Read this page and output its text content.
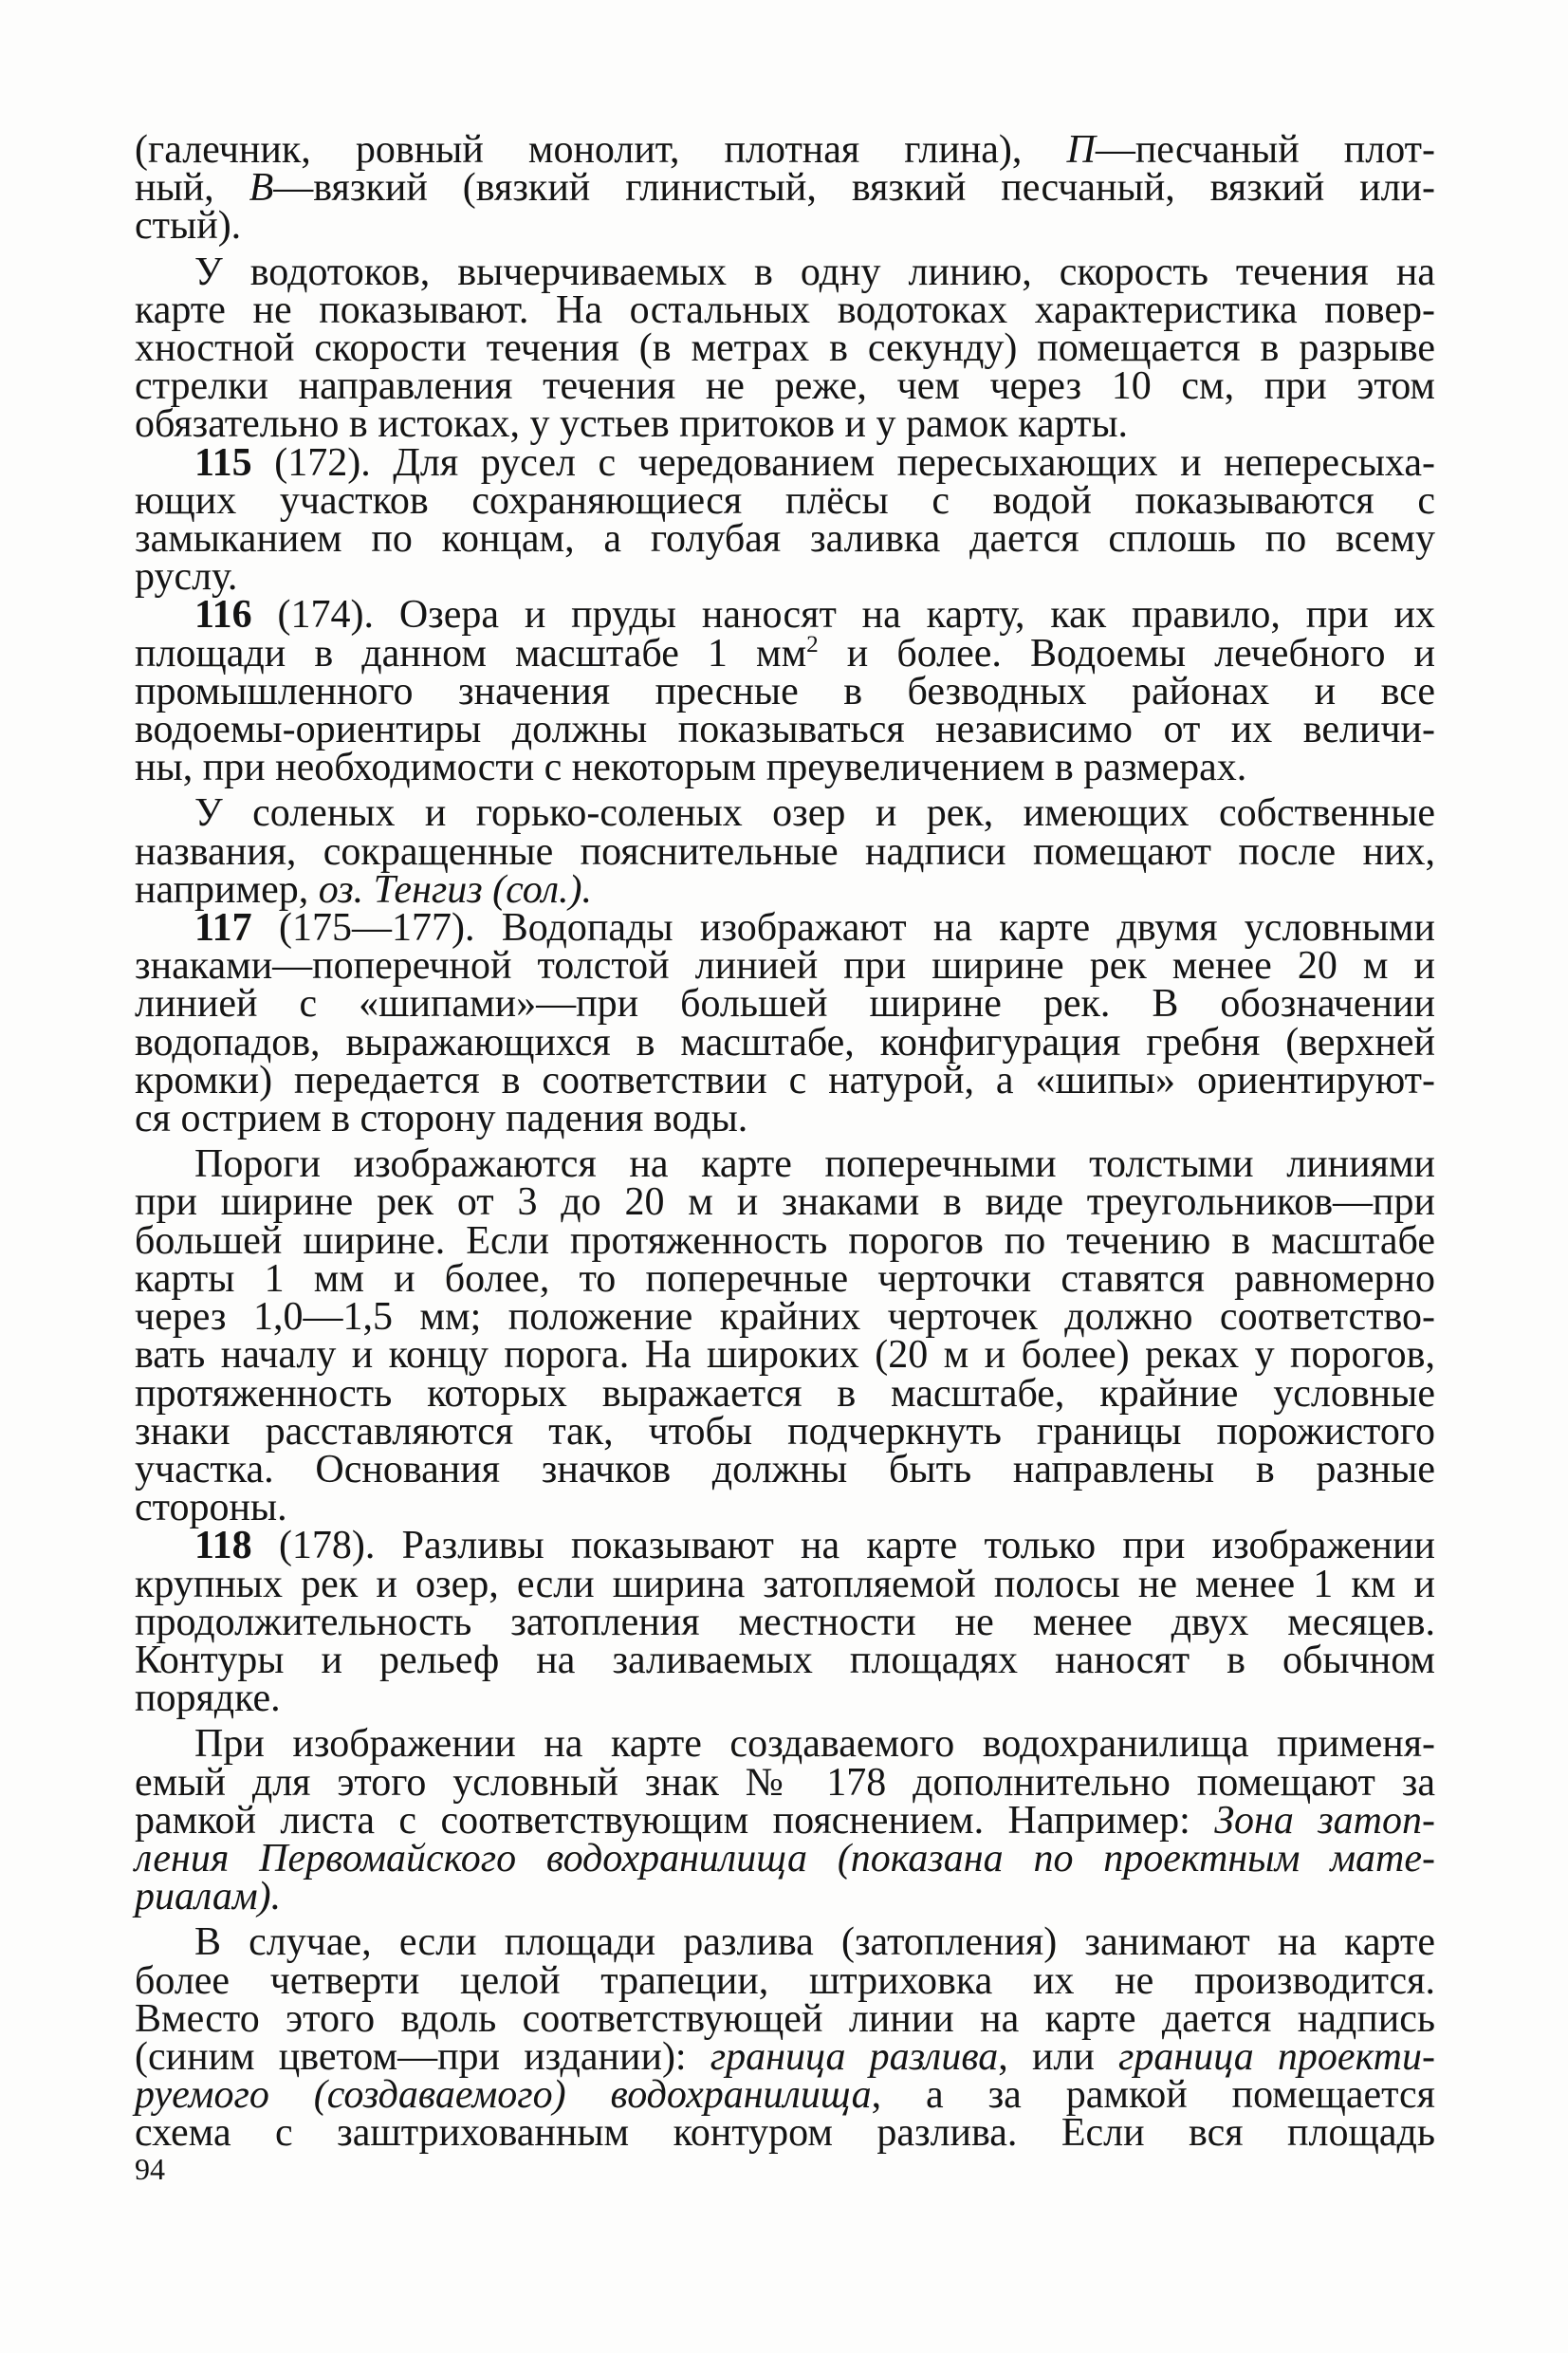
(галечник, ровный монолит, плотная глина), П—песчаный плот-
ный, В—вязкий (вязкий глинистый, вязкий песчаный, вязкий или-
стый).
У водотоков, вычерчиваемых в одну линию, скорость течения на
карте не показывают. На остальных водотоках характеристика повер-
хностной скорости течения (в метрах в секунду) помещается в разрыве
стрелки направления течения не реже, чем через 10 см, при этом
обязательно в истоках, у устьев притоков и у рамок карты.
115 (172). Для русел с чередованием пересыхающих и непересыха-
ющих участков сохраняющиеся плёсы с водой показываются с
замыканием по концам, а голубая заливка дается сплошь по всему
руслу.
116 (174). Озера и пруды наносят на карту, как правило, при их
площади в данном масштабе 1 $мм^2$ и более. Водоемы лечебного и
промышленного значения пресные в безводных районах и все
водоемы-ориентиры должны показываться независимо от их величи-
ны, при необходимости с некоторым преувеличением в размерах.
У соленых и горько-соленых озер и рек, имеющих собственные
названия, сокращенные пояснительные надписи помещают после них,
например, оз. Тенгиз (сол.).
117 (175—177). Водопады изображают на карте двумя условными
знаками—поперечной толстой линией при ширине рек менее 20 м и
линией с «шипами»—при большей ширине рек. В обозначении
водопадов, выражающихся в масштабе, конфигурация гребня (верхней
кромки) передается в соответствии с натурой, а «шипы» ориентируют-
ся острием в сторону падения воды.
Пороги изображаются на карте поперечными толстыми линиями
при ширине рек от 3 до 20 м и знаками в виде треугольников—при
большей ширине. Если протяженность порогов по течению в масштабе
карты 1 мм и более, то поперечные черточки ставятся равномерно
через 1,0—1,5 мм; положение крайних черточек должно соответство-
вать началу и концу порога. На широких (20 м и более) реках у порогов,
протяженность которых выражается в масштабе, крайние условные
знаки расставляются так, чтобы подчеркнуть границы порожистого
участка. Основания значков должны быть направлены в разные
стороны.
118 (178). Разливы показывают на карте только при изображении
крупных рек и озер, если ширина затопляемой полосы не менее 1 км и
продолжительность затопления местности не менее двух месяцев.
Контуры и рельеф на заливаемых площадях наносят в обычном
порядке.
При изображении на карте создаваемого водохранилища применя-
емый для этого условный знак № 178 дополнительно помещают за
рамкой листа с соответствующим пояснением. Например: Зона затоп-
ления Первомайского водохранилища (показана по проектным мате-
риалам).
В случае, если площади разлива (затопления) занимают на карте
более четверти целой трапеции, штриховка их не производится.
Вместо этого вдоль соответствующей линии на карте дается надпись
(синим цветом—при издании): граница разлива, или граница проекти-
руемого (создаваемого) водохранилища, а за рамкой помещается
схема с заштрихованным контуром разлива. Если вся площадь
94
